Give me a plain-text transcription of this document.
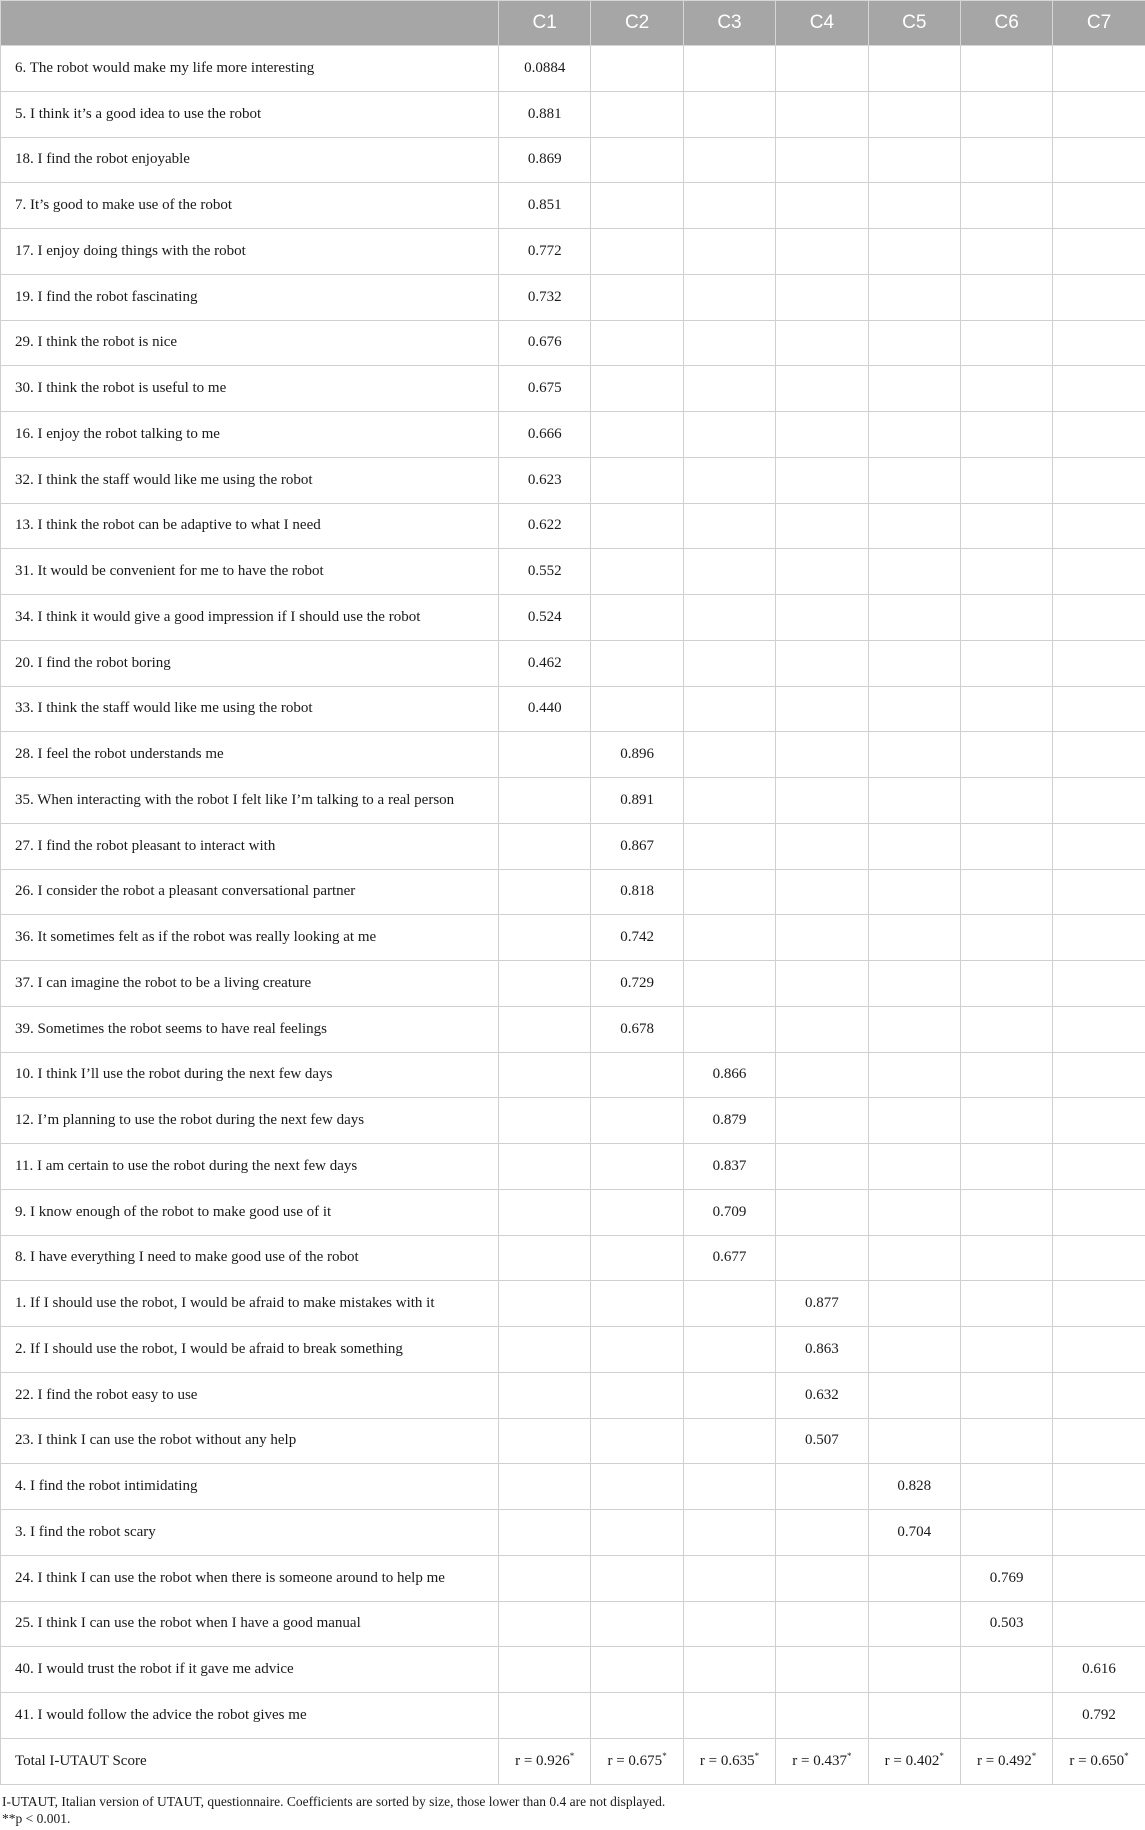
	C1	C2	C3	C4	C5	C6	C7
6. The robot would make my life more interesting	0.0884						
5. I think it’s a good idea to use the robot	0.881						
18. I find the robot enjoyable	0.869						
7. It’s good to make use of the robot	0.851						
17. I enjoy doing things with the robot	0.772						
19. I find the robot fascinating	0.732						
29. I think the robot is nice	0.676						
30. I think the robot is useful to me	0.675						
16. I enjoy the robot talking to me	0.666						
32. I think the staff would like me using the robot	0.623						
13. I think the robot can be adaptive to what I need	0.622						
31. It would be convenient for me to have the robot	0.552						
34. I think it would give a good impression if I should use the robot	0.524						
20. I find the robot boring	0.462						
33. I think the staff would like me using the robot	0.440						
28. I feel the robot understands me		0.896					
35. When interacting with the robot I felt like I’m talking to a real person		0.891					
27. I find the robot pleasant to interact with		0.867					
26. I consider the robot a pleasant conversational partner		0.818					
36. It sometimes felt as if the robot was really looking at me		0.742					
37. I can imagine the robot to be a living creature		0.729					
39. Sometimes the robot seems to have real feelings		0.678					
10. I think I’ll use the robot during the next few days			0.866				
12. I’m planning to use the robot during the next few days			0.879				
11. I am certain to use the robot during the next few days			0.837				
9. I know enough of the robot to make good use of it			0.709				
8. I have everything I need to make good use of the robot			0.677				
1. If I should use the robot, I would be afraid to make mistakes with it				0.877			
2. If I should use the robot, I would be afraid to break something				0.863			
22. I find the robot easy to use				0.632			
23. I think I can use the robot without any help				0.507			
4. I find the robot intimidating					0.828		
3. I find the robot scary					0.704		
24. I think I can use the robot when there is someone around to help me						0.769	
25. I think I can use the robot when I have a good manual						0.503	
40. I would trust the robot if it gave me advice							0.616
41. I would follow the advice the robot gives me							0.792
Total I-UTAUT Score	r = 0.926*	r = 0.675*	r = 0.635*	r = 0.437*	r = 0.402*	r = 0.492*	r = 0.650*
I-UTAUT, Italian version of UTAUT, questionnaire. Coefficients are sorted by size, those lower than 0.4 are not displayed.
**p < 0.001.
